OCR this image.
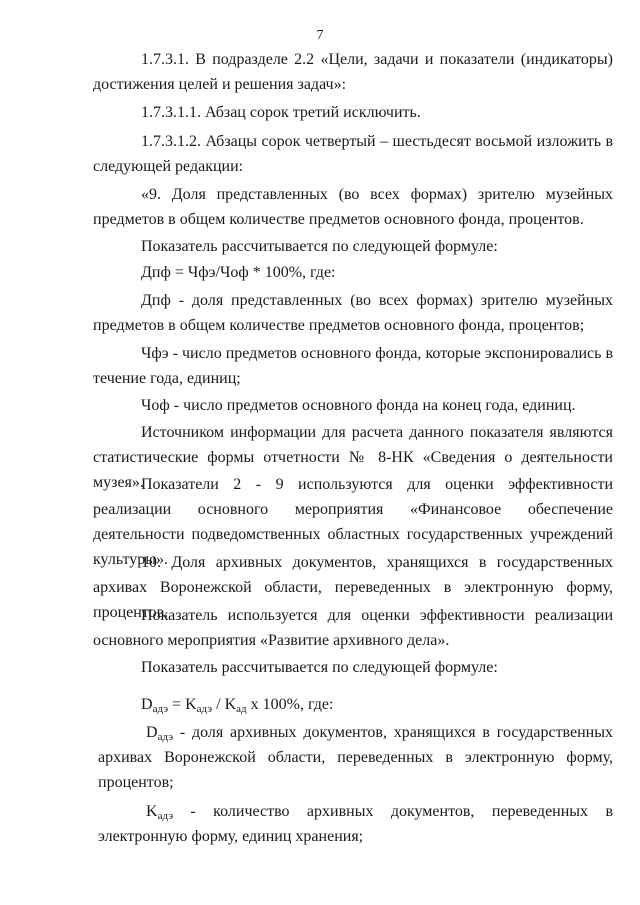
7

1.7.3.1. В подразделе 2.2 «Цели, задачи и показатели (индикаторы) достижения целей и решения задач»:

1.7.3.1.1. Абзац сорок третий исключить.

1.7.3.1.2. Абзацы сорок четвертый – шестьдесят восьмой изложить в следующей редакции:

«9. Доля представленных (во всех формах) зрителю музейных предметов в общем количестве предметов основного фонда, процентов.

Показатель рассчитывается по следующей формуле:

Дпф = Чфэ/Чоф * 100%, где:

Дпф - доля представленных (во всех формах) зрителю музейных предметов в общем количестве предметов основного фонда, процентов;

Чфэ - число предметов основного фонда, которые экспонировались в течение года, единиц;

Чоф - число предметов основного фонда на конец года, единиц.

Источником информации для расчета данного показателя являются статистические формы отчетности № 8-НК «Сведения о деятельности музея».

Показатели 2 - 9 используются для оценки эффективности реализации основного мероприятия «Финансовое обеспечение деятельности подведомственных областных государственных учреждений культуры».

10. Доля архивных документов, хранящихся в государственных архивах Воронежской области, переведенных в электронную форму, процентов.

Показатель используется для оценки эффективности реализации основного мероприятия «Развитие архивного дела».

Показатель рассчитывается по следующей формуле:

$D_{адэ} = K_{адэ} / K_{ад}$ x 100%, где:

$D_{адэ}$ - доля архивных документов, хранящихся в государственных архивах Воронежской области, переведенных в электронную форму, процентов;

$K_{адэ}$ - количество архивных документов, переведенных в электронную форму, единиц хранения;
